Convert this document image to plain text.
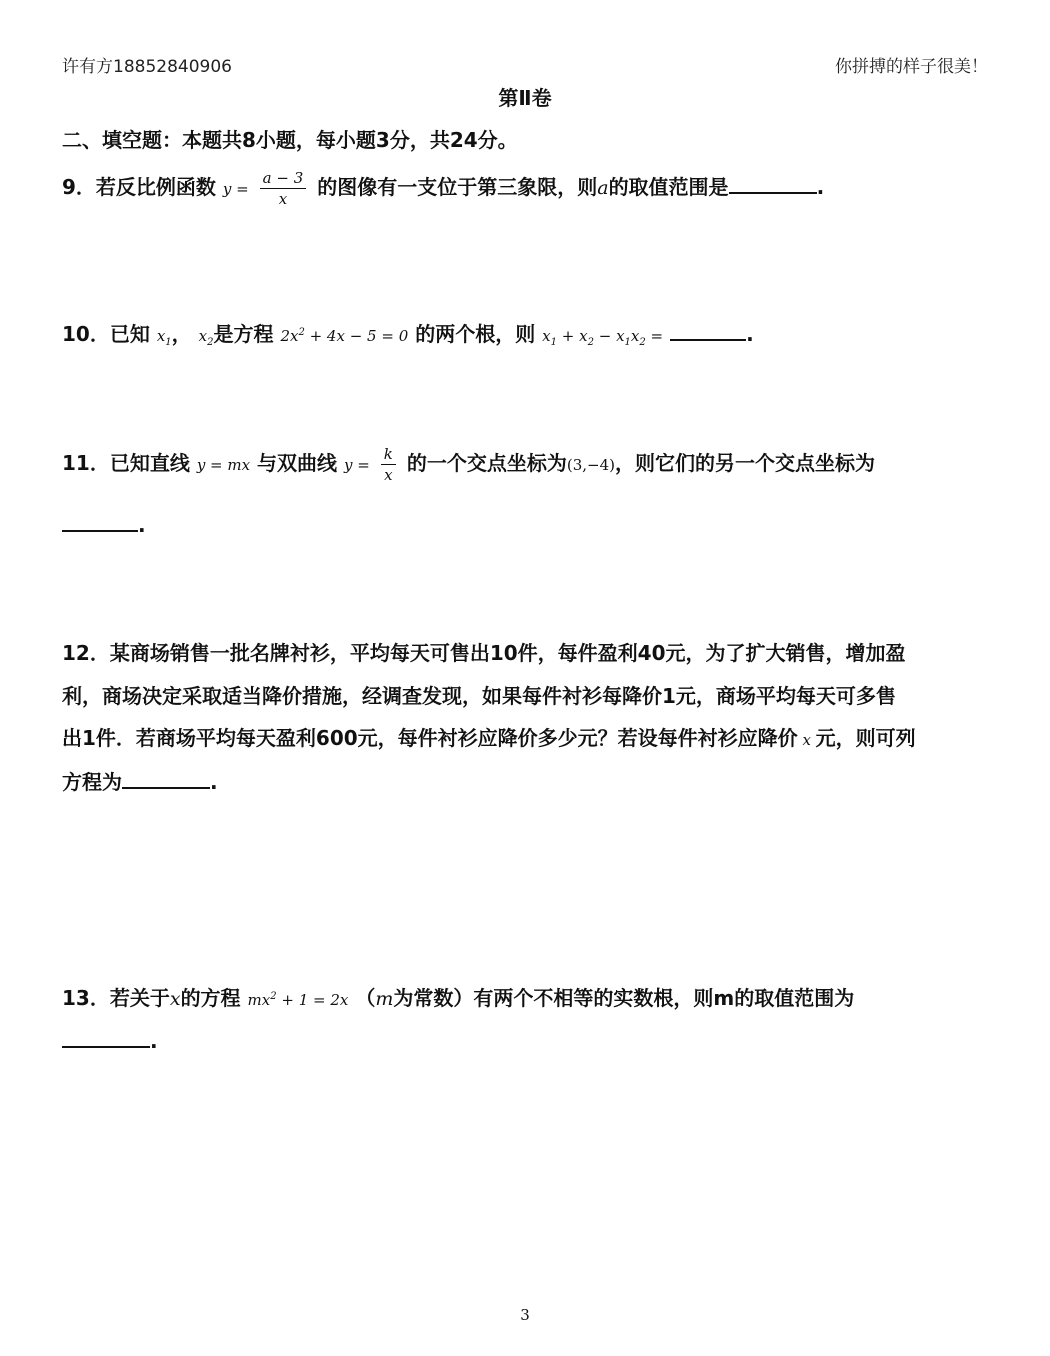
许有方18852840906	你拼搏的样子很美！
第Ⅱ卷
二、填空题：本题共8小题，每小题3分，共24分。
9．若反比例函数 $y = \frac{a - 3}{x}$ 的图像有一支位于第三象限，则a的取值范围是	.
10．已知 $x_1$， $x_2$是方程 $2x^2 + 4x - 5 = 0$ 的两个根，则 $x_1 + x_2 - x_1x_2$ =	.
11．已知直线 y = mx 与双曲线 $y = \frac{k}{x}$ 的一个交点坐标为(3,−4)，则它们的另一个交点坐标为
.
12．某商场销售一批名牌衬衫，平均每天可售出10件，每件盈利40元，为了扩大销售，增加盈
利，商场决定采取适当降价措施，经调查发现，如果每件衬衫每降价1元，商场平均每天可多售
出1件．若商场平均每天盈利600元，每件衬衫应降价多少元？若设每件衬衫应降价 x 元，则可列
方程为	.
13．若关于x的方程 $mx^2 + 1 = 2x$ （m为常数）有两个不相等的实数根，则m的取值范围为
.
3
